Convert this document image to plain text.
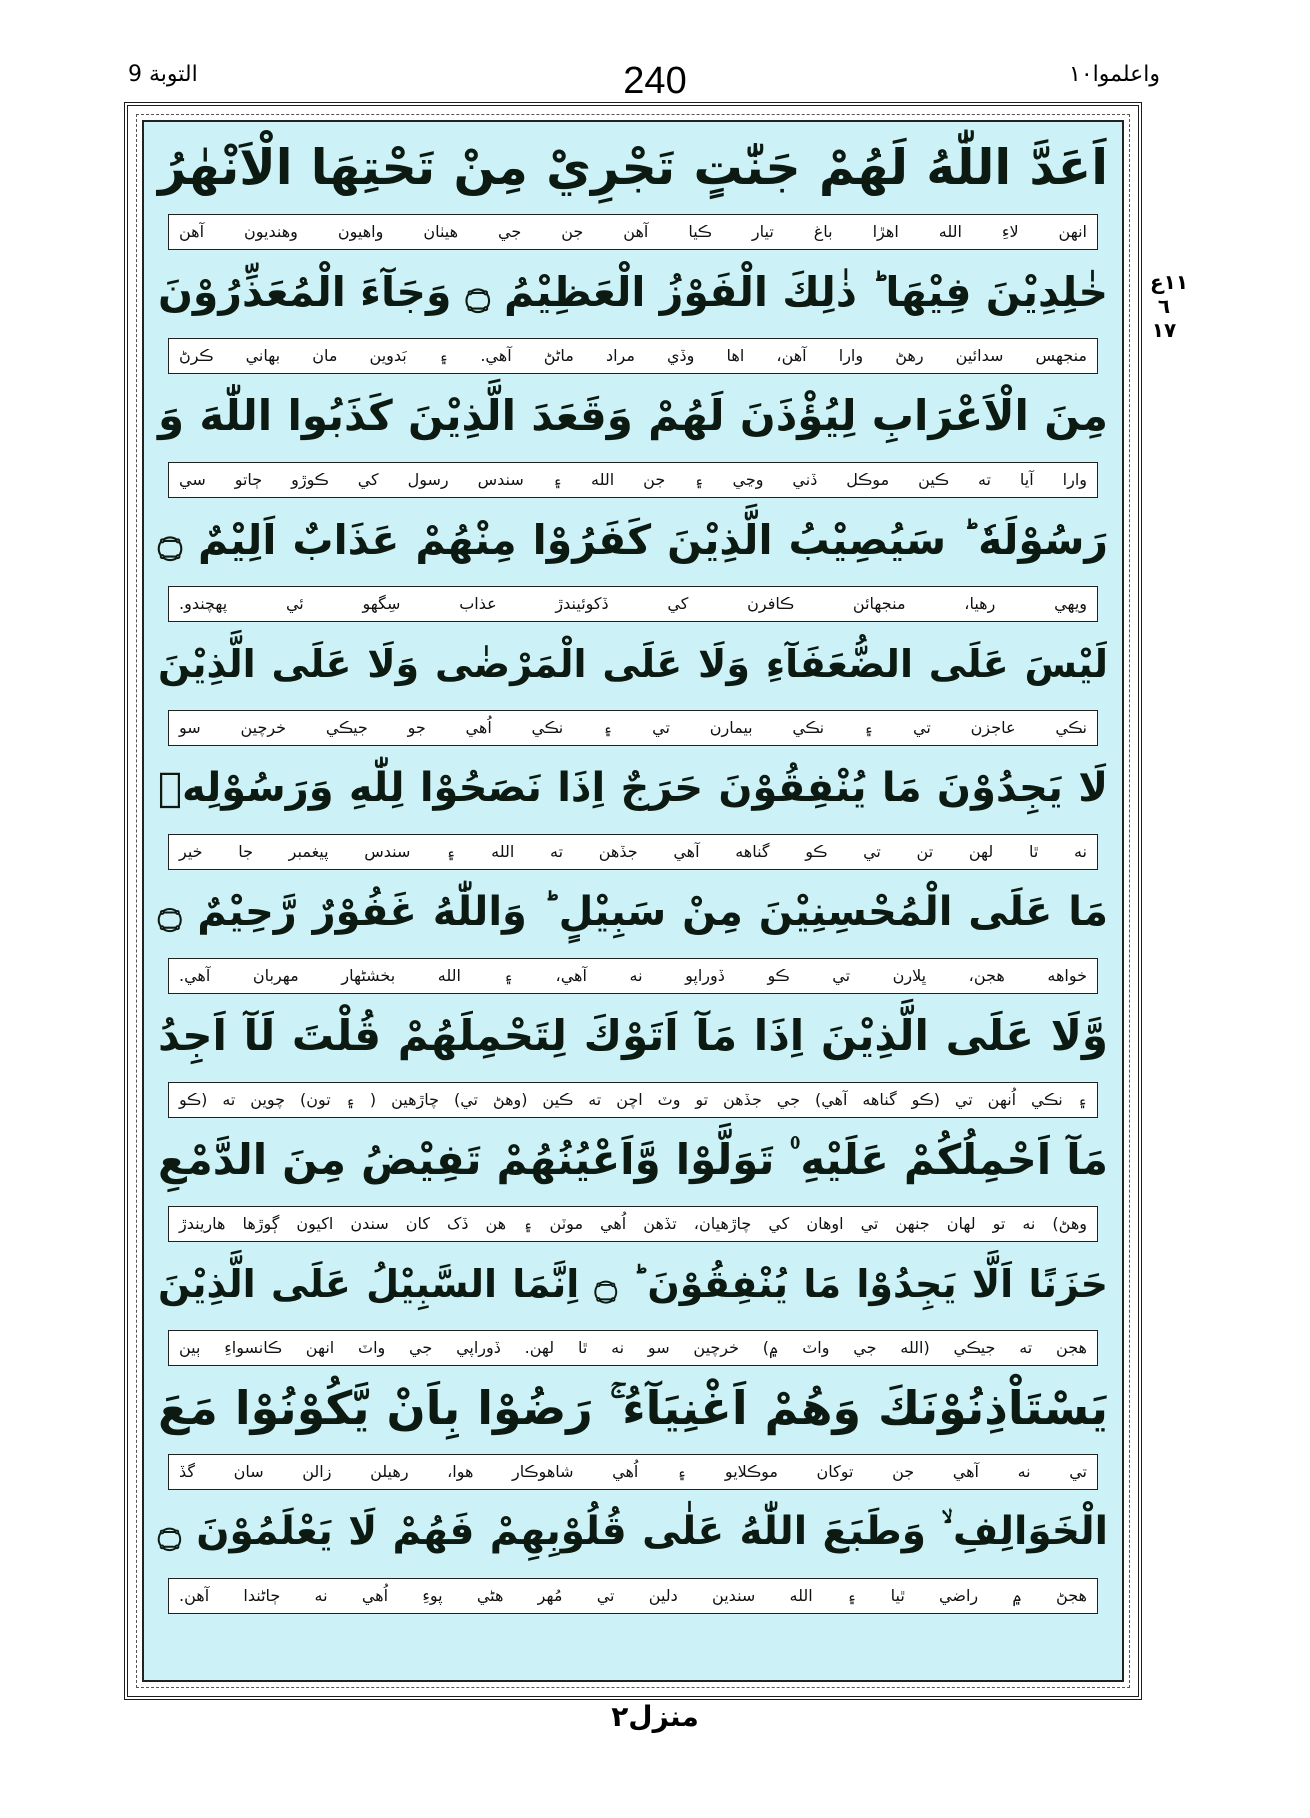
التوبة 9	240	واعلموا١٠
اَعَدَّ اللّٰهُ لَهُمْ جَنّٰتٍ تَجْرِيْ مِنْ تَحْتِهَا الْاَنْهٰرُ
انهن لاءِ الله اهڙا باغ تيار ڪيا آهن جن جي هيٺان واهيون وهنديون آهن
خٰلِدِيْنَ فِيْهَا ؕ ذٰلِكَ الْفَوْزُ الْعَظِيْمُ ۝ وَجَآءَ الْمُعَذِّرُوْنَ
منجهس سدائين رهڻ وارا آهن، اها وڏي مراد ماڻڻ آهي. ۽ بَدوين مان بهاني ڪرڻ
مِنَ الْاَعْرَابِ لِيُؤْذَنَ لَهُمْ وَقَعَدَ الَّذِيْنَ كَذَبُوا اللّٰهَ وَ
وارا آيا ته ڪين موڪل ڏني وڃي ۽ جن الله ۽ سندس رسول کي ڪوڙو ڄاتو سي
رَسُوْلَهٗ ؕ سَيُصِيْبُ الَّذِيْنَ كَفَرُوْا مِنْهُمْ عَذَابٌ اَلِيْمٌ ۝
ويهي رهيا، منجهائن ڪافرن کي ڏکوئيندڙ عذاب سِگهو ئي پهچندو.
لَيْسَ عَلَى الضُّعَفَآءِ وَلَا عَلَى الْمَرْضٰى وَلَا عَلَى الَّذِيْنَ
نڪي عاجزن تي ۽ نڪي بيمارن تي ۽ نڪي اُهي جو جيڪي خرچين سو
لَا يَجِدُوْنَ مَا يُنْفِقُوْنَ حَرَجٌ اِذَا نَصَحُوْا لِلّٰهِ وَرَسُوْلِهٖ
نه ٿا لهن تن تي ڪو گناهه آهي جڏهن ته الله ۽ سندس پيغمبر جا خير
مَا عَلَى الْمُحْسِنِيْنَ مِنْ سَبِيْلٍ ؕ وَاللّٰهُ غَفُوْرٌ رَّحِيْمٌ ۝
خواهه هجن، ڀلارن تي ڪو ڏوراپو نه آهي، ۽ الله بخشڻهار مهربان آهي.
وَّلَا عَلَى الَّذِيْنَ اِذَا مَآ اَتَوْكَ لِتَحْمِلَهُمْ قُلْتَ لَآ اَجِدُ
۽ نڪي اُنهن تي (ڪو گناهه آهي) جي جڏهن تو وٽ اچن ته ڪين (وهڻ تي) چاڙهين ( ۽ تون) چوين ته (ڪو
مَآ اَحْمِلُكُمْ عَلَيْهِ ۠ تَوَلَّوْا وَّاَعْيُنُهُمْ تَفِيْضُ مِنَ الدَّمْعِ
وهڻ) نه تو لهان جنهن تي اوهان کي چاڙهيان، تڏهن اُهي موٽن ۽ هن ڏک کان سندن اکيون ڳوڙها هاريندڙ
حَزَنًا اَلَّا يَجِدُوْا مَا يُنْفِقُوْنَ ؕ ۝ اِنَّمَا السَّبِيْلُ عَلَى الَّذِيْنَ
هجن ته جيڪي (الله جي واٽ ۾) خرچين سو نه ٿا لهن. ڏوراپي جي واٽ انهن ڪانسواءِ ٻين
يَسْتَاْذِنُوْنَكَ وَهُمْ اَغْنِيَآءُ ۚ رَضُوْا بِاَنْ يَّكُوْنُوْا مَعَ
تي نه آهي جن توکان موڪلايو ۽ اُهي شاهوڪار هوا، رهيلن زالن سان گڏ
الْخَوَالِفِ ۙ وَطَبَعَ اللّٰهُ عَلٰى قُلُوْبِهِمْ فَهُمْ لَا يَعْلَمُوْنَ ۝
هجڻ ۾ راضي ٿيا ۽ الله سندين دلين تي مُهر هڻي پوءِ اُهي نه ڄاڻندا آهن.
١١ع ٦ ١٧
منزل٢
